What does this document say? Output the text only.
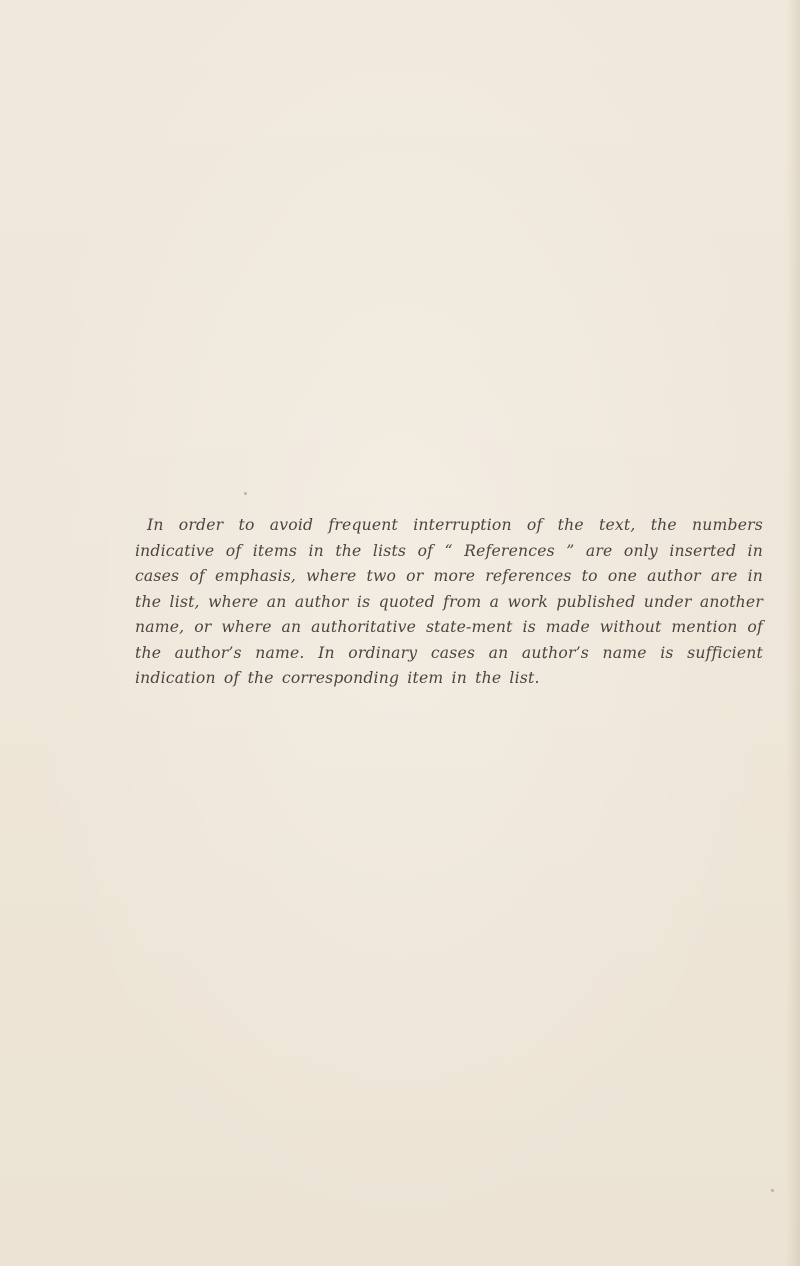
In order to avoid frequent interruption of the text, the numbers indicative of items in the lists of “ References ” are only inserted in cases of emphasis, where two or more references to one author are in the list, where an author is quoted from a work published under another name, or where an authoritative state-ment is made without mention of the author’s name. In ordinary cases an author’s name is sufficient indication of the corresponding item in the list.
